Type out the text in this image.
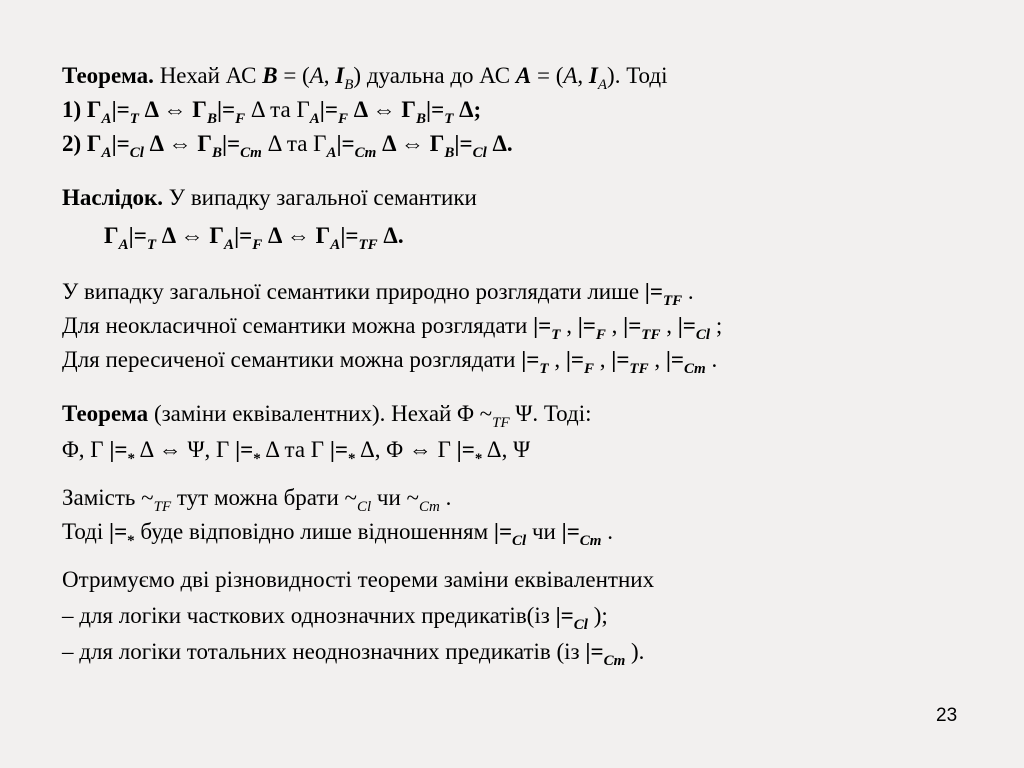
Теорема. Нехай АС B = (A, $I_B$) дуальна до АС A = (A, $I_A$). Тоді
1) $\Gamma_A|=_T$ Δ ⇔ $\Gamma_B|=_F$ Δ та $\Gamma_A|=_F$ Δ ⇔ $\Gamma_B|=_T$ Δ;
2) $\Gamma_A|=_{Cl}$ Δ ⇔ $\Gamma_B|=_{Cm}$ Δ та $\Gamma_A|=_{Cm}$ Δ ⇔ $\Gamma_B|=_{Cl}$ Δ.
Наслідок. У випадку загальної семантики
$\Gamma_A|=_T$ Δ ⇔ $\Gamma_A|=_F$ Δ ⇔ $\Gamma_A|=_{TF}$ Δ.
У випадку загальної семантики природно розглядати лише $|=_{TF}$ .
Для неокласичної семантики можна розглядати $|=_T$ , $|=_F$ , $|=_{TF}$ , $|=_{Cl}$ ;
Для пересиченої семантики можна розглядати $|=_T$ , $|=_F$ , $|=_{TF}$ , $|=_{Cm}$ .
Теорема (заміни еквівалентних). Нехай Φ $\sim_{TF}$ Ψ. Тоді:
Φ, Γ $|=_*$ Δ ⇔ Ψ, Γ $|=_*$ Δ та Γ $|=_*$ Δ, Φ ⇔ Γ $|=_*$ Δ, Ψ
Замість $\sim_{TF}$ тут можна брати $\sim_{Cl}$ чи $\sim_{Cm}$ .
Тоді $|=_*$ буде відповідно лише відношенням $|=_{Cl}$ чи $|=_{Cm}$ .
Отримуємо дві різновидності теореми заміни еквівалентних
– для логіки часткових однозначних предикатів(із $|=_{Cl}$ );
– для логіки тотальних неоднозначних предикатів (із $|=_{Cm}$ ).
23
